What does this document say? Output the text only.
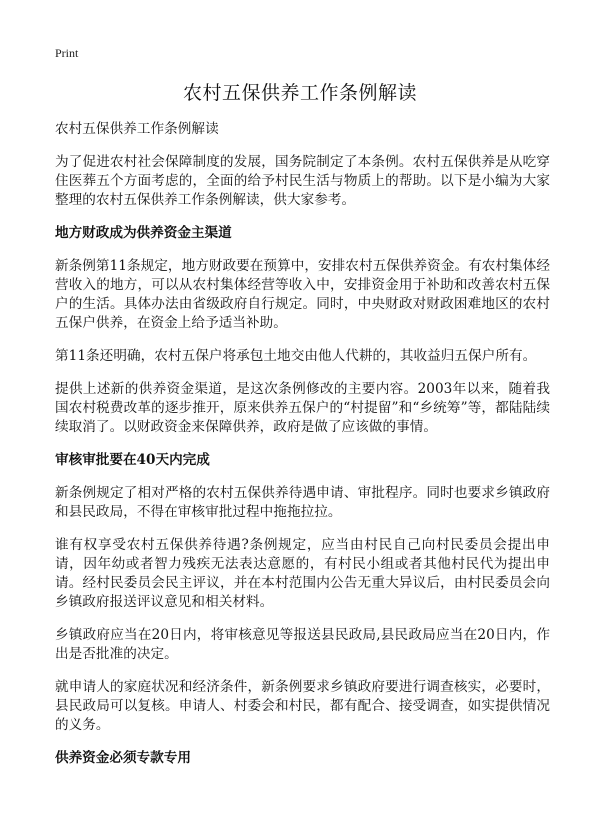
Print
农村五保供养工作条例解读

农村五保供养工作条例解读

为了促进农村社会保障制度的发展，国务院制定了本条例。农村五保供养是从吃穿住医葬五个方面考虑的，全面的给予村民生活与物质上的帮助。以下是小编为大家整理的农村五保供养工作条例解读，供大家参考。

地方财政成为供养资金主渠道

新条例第11条规定，地方财政要在预算中，安排农村五保供养资金。有农村集体经营收入的地方，可以从农村集体经营等收入中，安排资金用于补助和改善农村五保户的生活。具体办法由省级政府自行规定。同时，中央财政对财政困难地区的农村五保户供养，在资金上给予适当补助。

第11条还明确，农村五保户将承包土地交由他人代耕的，其收益归五保户所有。

提供上述新的供养资金渠道，是这次条例修改的主要内容。2003年以来，随着我国农村税费改革的逐步推开，原来供养五保户的“村提留”和“乡统筹”等，都陆陆续续取消了。以财政资金来保障供养，政府是做了应该做的事情。

审核审批要在40天内完成

新条例规定了相对严格的农村五保供养待遇申请、审批程序。同时也要求乡镇政府和县民政局，不得在审核审批过程中拖拖拉拉。

谁有权享受农村五保供养待遇?条例规定，应当由村民自己向村民委员会提出申请，因年幼或者智力残疾无法表达意愿的，有村民小组或者其他村民代为提出申请。经村民委员会民主评议，并在本村范围内公告无重大异议后，由村民委员会向乡镇政府报送评议意见和相关材料。

乡镇政府应当在20日内，将审核意见等报送县民政局,县民政局应当在20日内，作出是否批准的决定。

就申请人的家庭状况和经济条件，新条例要求乡镇政府要进行调查核实，必要时，县民政局可以复核。申请人、村委会和村民，都有配合、接受调查，如实提供情况的义务。

供养资金必须专款专用
